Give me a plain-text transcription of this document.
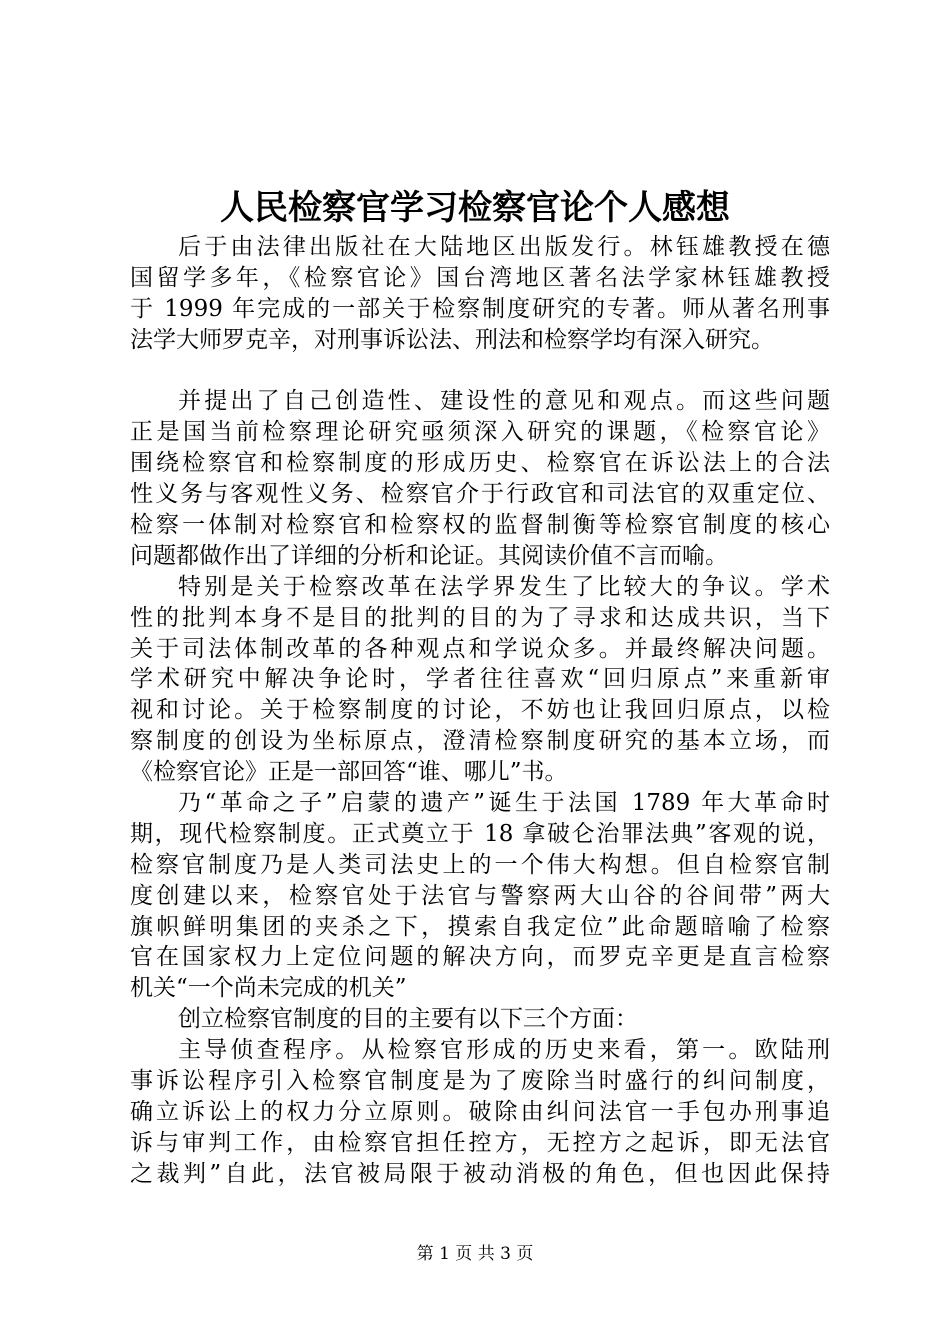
人民检察官学习检察官论个人感想
后于由法律出版社在大陆地区出版发行。林钰雄教授在德
国留学多年，《检察官论》国台湾地区著名法学家林钰雄教授
于 1999 年完成的一部关于检察制度研究的专著。师从著名刑事
法学大师罗克辛，对刑事诉讼法、刑法和检察学均有深入研究。
并提出了自己创造性、建设性的意见和观点。而这些问题
正是国当前检察理论研究亟须深入研究的课题，《检察官论》
围绕检察官和检察制度的形成历史、检察官在诉讼法上的合法
性义务与客观性义务、检察官介于行政官和司法官的双重定位、
检察一体制对检察官和检察权的监督制衡等检察官制度的核心
问题都做作出了详细的分析和论证。其阅读价值不言而喻。
特别是关于检察改革在法学界发生了比较大的争议。学术
性的批判本身不是目的批判的目的为了寻求和达成共识，当下
关于司法体制改革的各种观点和学说众多。并最终解决问题。
学术研究中解决争论时，学者往往喜欢“回归原点”来重新审
视和讨论。关于检察制度的讨论，不妨也让我回归原点，以检
察制度的创设为坐标原点，澄清检察制度研究的基本立场，而
《检察官论》正是一部回答“谁、哪儿”书。
乃“革命之子”启蒙的遗产”诞生于法国 1789 年大革命时
期，现代检察制度。正式奠立于 18 拿破仑治罪法典”客观的说，
检察官制度乃是人类司法史上的一个伟大构想。但自检察官制
度创建以来，检察官处于法官与警察两大山谷的谷间带”两大
旗帜鲜明集团的夹杀之下，摸索自我定位”此命题暗喻了检察
官在国家权力上定位问题的解决方向，而罗克辛更是直言检察
机关“一个尚未完成的机关”
创立检察官制度的目的主要有以下三个方面：
主导侦查程序。从检察官形成的历史来看，第一。欧陆刑
事诉讼程序引入检察官制度是为了废除当时盛行的纠问制度，
确立诉讼上的权力分立原则。破除由纠问法官一手包办刑事追
诉与审判工作，由检察官担任控方，无控方之起诉，即无法官
之裁判”自此，法官被局限于被动消极的角色，但也因此保持
第 1 页 共 3 页
